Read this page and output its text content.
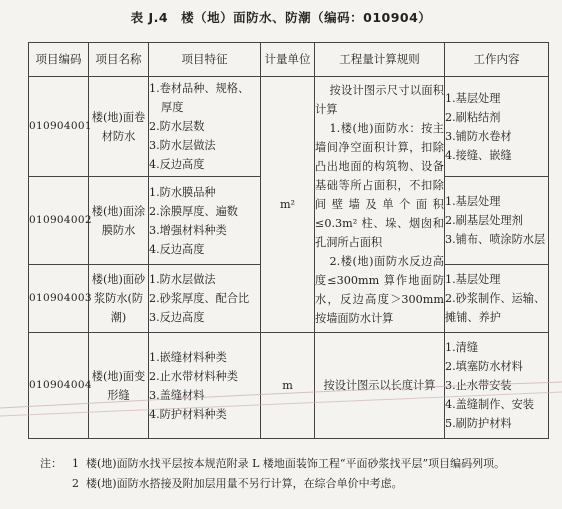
表 J.4　楼（地）面防水、防潮（编码：010904）
项目编码	项目名称	项目特征	计量单位	工程量计算规则	工作内容
010904001	楼(地)面卷材防水	1.卷材品种、规格、
厚度
2.防水层数
3.防水层做法
4.反边高度	m²	按设计图示尺寸以面积计算
1.楼(地)面防水：按主墙间净空面积计算，扣除凸出地面的构筑物、设备基础等所占面积，不扣除间壁墙及单个面积≤0.3m² 柱、垛、烟囱和孔洞所占面积
2.楼(地)面防水反边高度≤300mm 算作地面防水，反边高度＞300mm 按墙面防水计算	1.基层处理
2.刷粘结剂
3.铺防水卷材
4.接缝、嵌缝

010904002	楼(地)面涂膜防水	1.防水膜品种
2.涂膜厚度、遍数
3.增强材料种类
4.反边高度			1.基层处理
2.刷基层处理剂
3.铺布、喷涂防水层

010904003	楼(地)面砂浆防水(防潮)	1.防水层做法
2.砂浆厚度、配合比
3.反边高度			1.基层处理
2.砂浆制作、运输、摊铺、养护

010904004	楼(地)面变形缝	1.嵌缝材料种类
2.止水带材料种类
3.盖缝材料
4.防护材料种类	m	按设计图示以长度计算	1.清缝
2.填塞防水材料
3.止水带安装
4.盖缝制作、安装
5.刷防护材料
注： 1 楼(地)面防水找平层按本规范附录 L 楼地面装饰工程“平面砂浆找平层”项目编码列项。
2 楼(地)面防水搭接及附加层用量不另行计算，在综合单价中考虑。
